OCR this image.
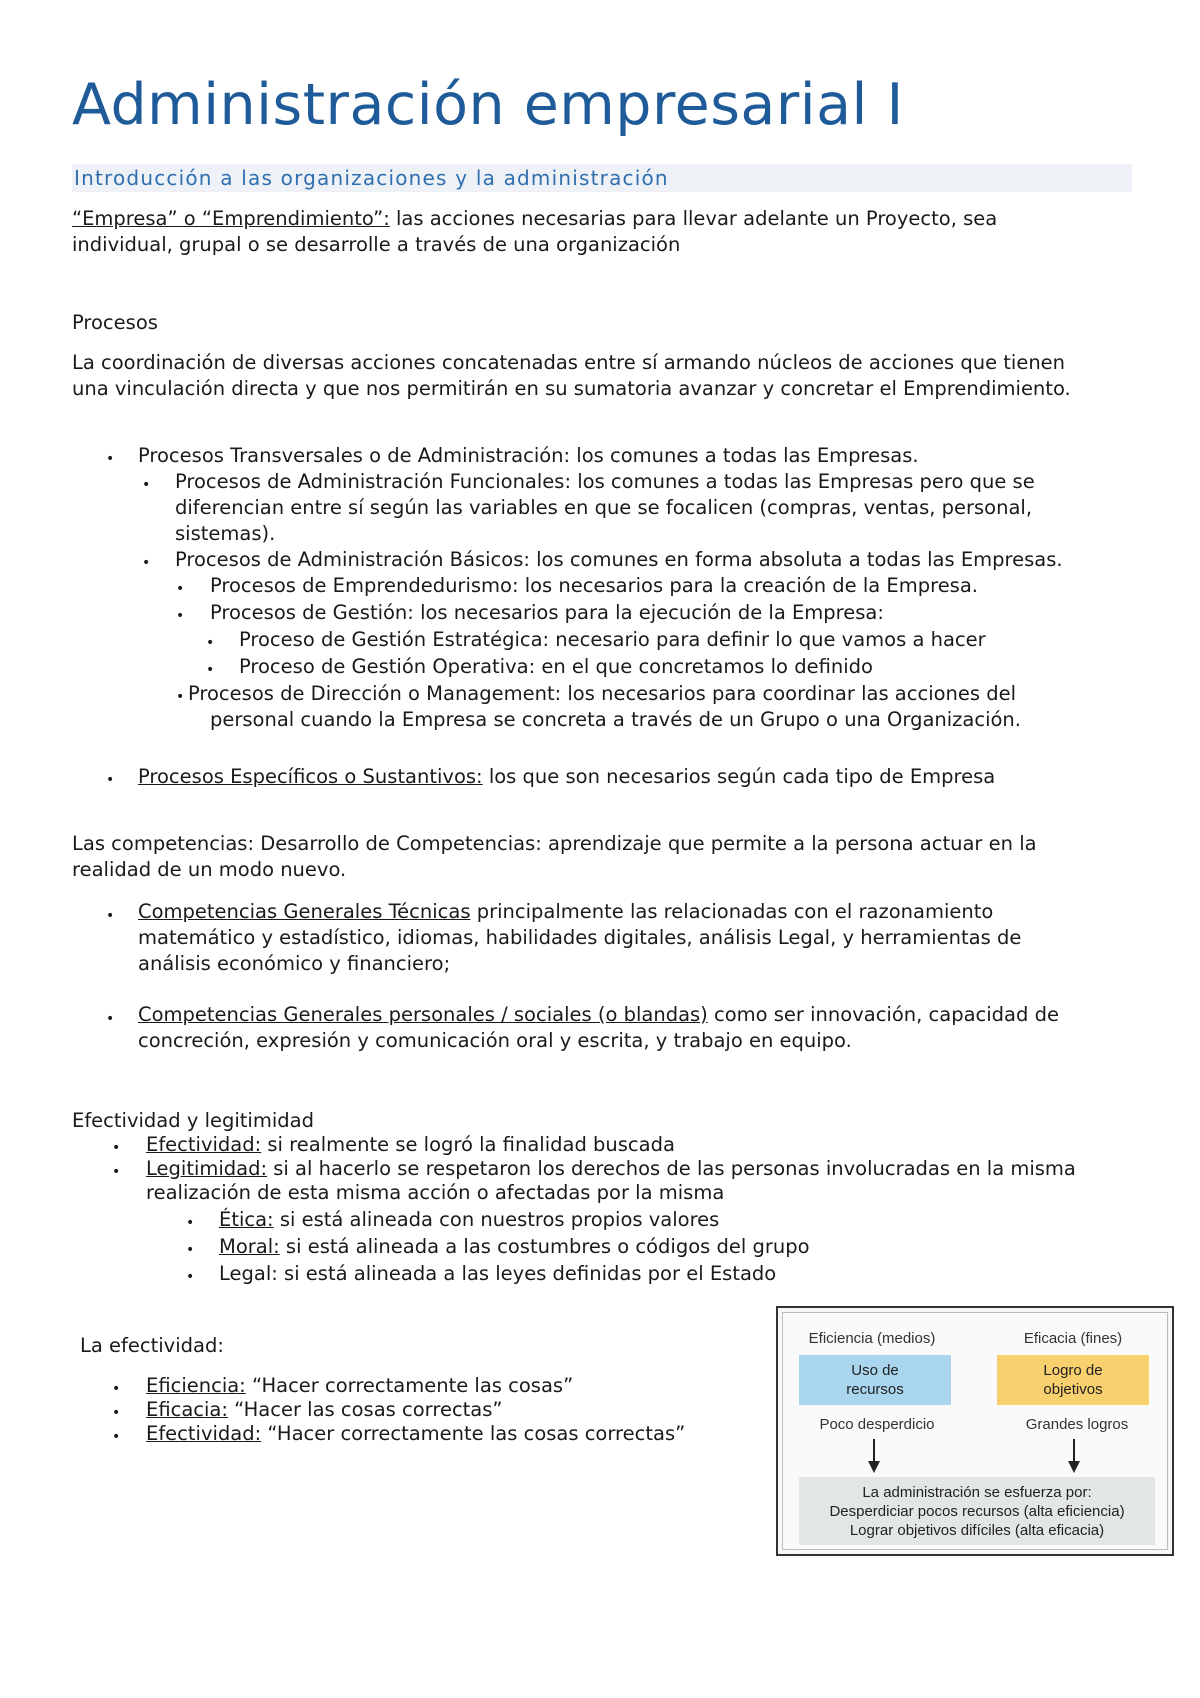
Administración empresarial I
Introducción a las organizaciones y la administración

“Empresa” o “Emprendimiento”: las acciones necesarias para llevar adelante un Proyecto, sea
individual, grupal o se desarrolle a través de una organización

Procesos

La coordinación de diversas acciones concatenadas entre sí armando núcleos de acciones que tienen
una vinculación directa y que nos permitirán en su sumatoria avanzar y concretar el Emprendimiento.

• Procesos Transversales o de Administración: los comunes a todas las Empresas.
• Procesos de Administración Funcionales: los comunes a todas las Empresas pero que se
diferencian entre sí según las variables en que se focalicen (compras, ventas, personal,
sistemas).
• Procesos de Administración Básicos: los comunes en forma absoluta a todas las Empresas.
• Procesos de Emprendedurismo: los necesarios para la creación de la Empresa.
• Procesos de Gestión: los necesarios para la ejecución de la Empresa:
• Proceso de Gestión Estratégica: necesario para definir lo que vamos a hacer
• Proceso de Gestión Operativa: en el que concretamos lo definido
• Procesos de Dirección o Management: los necesarios para coordinar las acciones del
personal cuando la Empresa se concreta a través de un Grupo o una Organización.
• Procesos Específicos o Sustantivos: los que son necesarios según cada tipo de Empresa

Las competencias: Desarrollo de Competencias: aprendizaje que permite a la persona actuar en la
realidad de un modo nuevo.

• Competencias Generales Técnicas principalmente las relacionadas con el razonamiento
matemático y estadístico, idiomas, habilidades digitales, análisis Legal, y herramientas de
análisis económico y financiero;

• Competencias Generales personales / sociales (o blandas) como ser innovación, capacidad de
concreción, expresión y comunicación oral y escrita, y trabajo en equipo.

Efectividad y legitimidad

• Efectividad: si realmente se logró la finalidad buscada
• Legitimidad: si al hacerlo se respetaron los derechos de las personas involucradas en la misma
realización de esta misma acción o afectadas por la misma
• Ética: si está alineada con nuestros propios valores
• Moral: si está alineada a las costumbres o códigos del grupo
• Legal: si está alineada a las leyes definidas por el Estado

La efectividad:

• Eficiencia: “Hacer correctamente las cosas”
• Eficacia: “Hacer las cosas correctas”
• Efectividad: “Hacer correctamente las cosas correctas”
Eficiencia (medios)	Eficacia (fines)
Uso de
recursos
Logro de
objetivos
Poco desperdicio	Grandes logros
La administración se esfuerza por:
Desperdiciar pocos recursos (alta eficiencia)
Lograr objetivos difíciles (alta eficacia)
